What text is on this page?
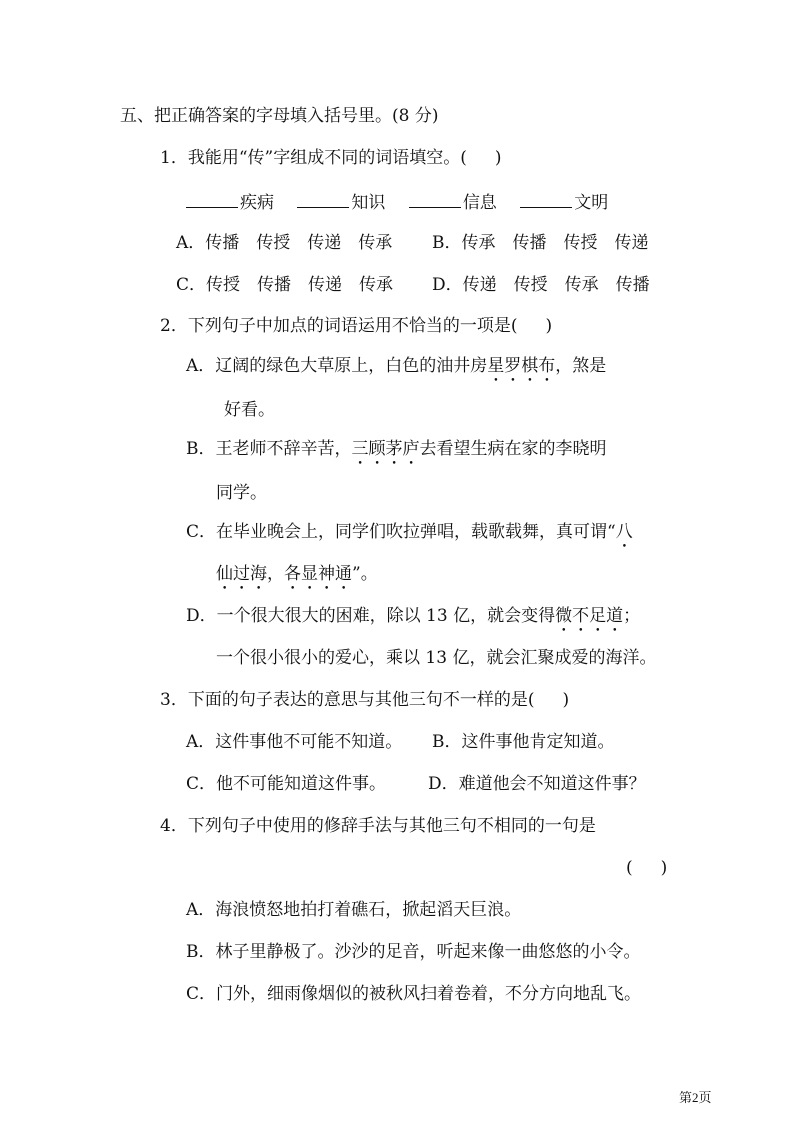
五、把正确答案的字母填入括号里。(8 分)
1．我能用“传”字组成不同的词语填空。( )
疾病	知识	信息	文明
A．传播　传授　传递　传承 B．传承　传播　传授　传递
C．传授　传播　传递　传承 D．传递　传授　传承　传播
2．下列句子中加点的词语运用不恰当的一项是( )
A．辽阔的绿色大草原上，白色的油井房星罗棋布，煞是
好看。
B．王老师不辞辛苦，三顾茅庐去看望生病在家的李晓明
同学。
C．在毕业晚会上，同学们吹拉弹唱，载歌载舞，真可谓“八
仙过海，各显神通”。
D．一个很大很大的困难，除以 13 亿，就会变得微不足道；
一个很小很小的爱心，乘以 13 亿，就会汇聚成爱的海洋。
3．下面的句子表达的意思与其他三句不一样的是( )
A．这件事他不可能不知道。 B．这件事他肯定知道。
C．他不可能知道这件事。 D．难道他会不知道这件事？
4．下列句子中使用的修辞手法与其他三句不相同的一句是
( )
A．海浪愤怒地拍打着礁石，掀起滔天巨浪。
B．林子里静极了。沙沙的足音，听起来像一曲悠悠的小令。
C．门外，细雨像烟似的被秋风扫着卷着，不分方向地乱飞。
第2页
